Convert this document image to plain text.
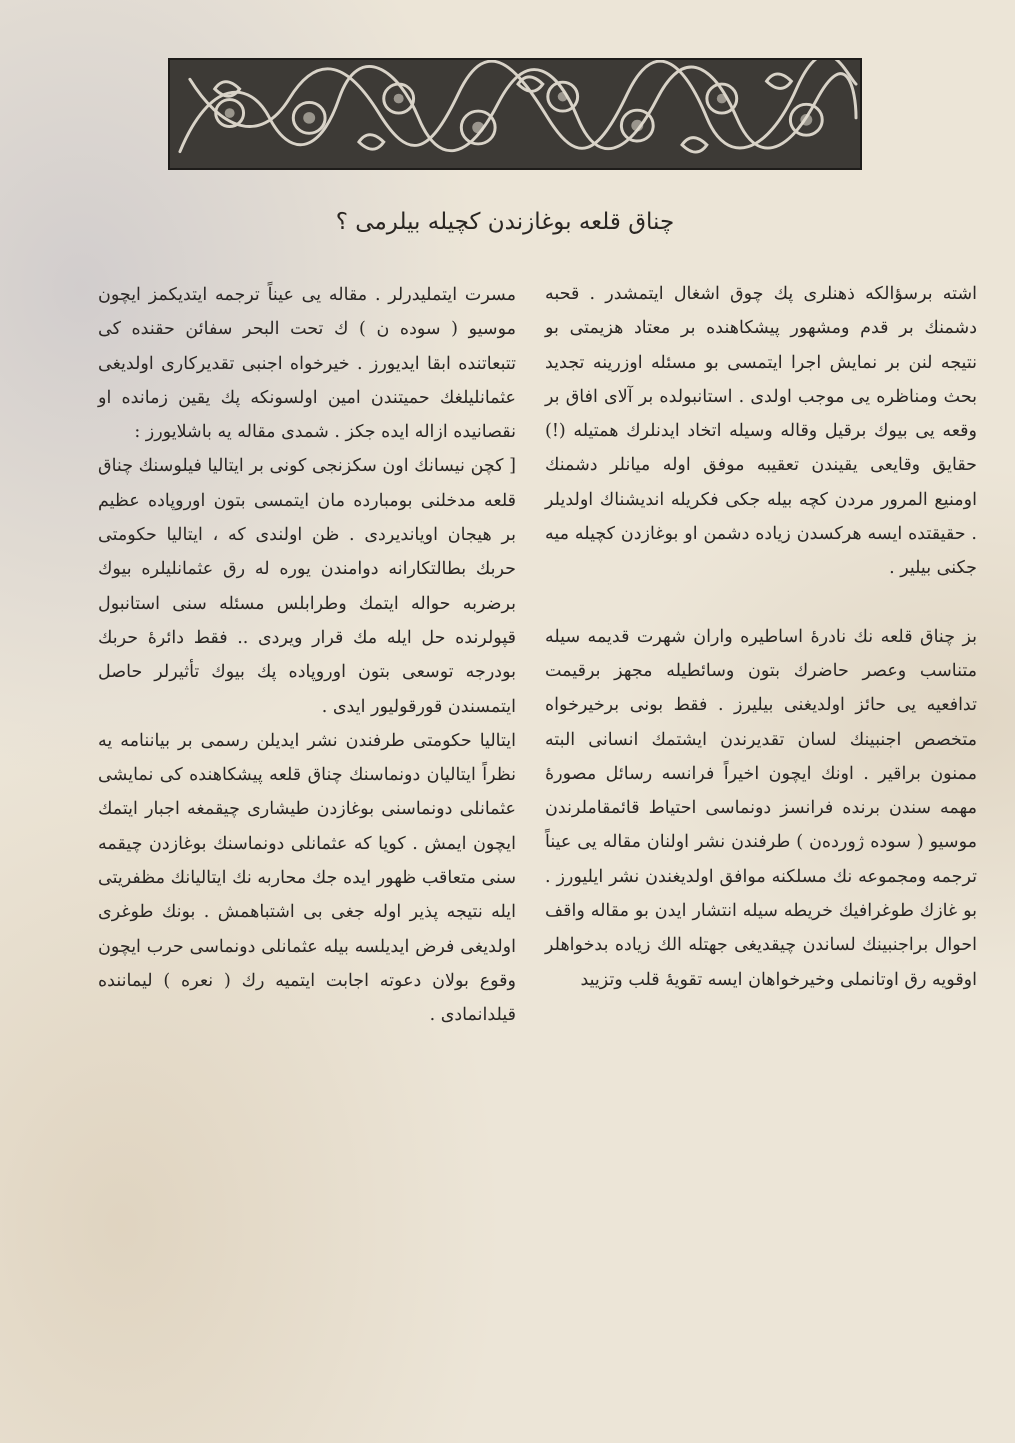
چناق قلعه بوغازندن كچيله بيلرمى ؟

اشته برسؤالكه ذهنلرى پك چوق اشغال ايتمشدر . قحبه دشمنك بر قدم ومشهور پيشكاهنده بر معتاد هزيمتى بو نتيجه لنن بر نمايش اجرا ايتمسى بو مسئله اوزرينه تجديد بحث ومناظره يى موجب اولدى . استانبولده بر آلای افاق بر وقعه يى بيوك برقيل وقاله وسيله اتخاد ايدنلرك همتيله (!) حقايق وقايعى يقيندن تعقيبه موفق اوله ميانلر دشمنك اومنيع المرور مردن كچه بيله جكى فكريله انديشناك اولديلر . حقيقتده ايسه هركسدن زياده دشمن او بوغازدن كچيله ميه جكنى بيلير .

بز چناق قلعه نك نادرۀ اساطيره واران شهرت قديمه سيله متناسب وعصر حاضرك بتون وسائطيله مجهز برقيمت تدافعيه يى حائز اولديغنى بيليرز . فقط بونى برخيرخواه متخصص اجنبينك لسان تقديرندن ايشتمك انسانى البته ممنون براقير . اونك ايچون اخيراً فرانسه رسائل مصورۀ مهمه سندن برنده فرانسز دونماسى احتياط قائمقاملرندن موسيو ( سوده ژوردەن ) طرفندن نشر اولنان مقاله يى عيناً ترجمه ومجموعه نك مسلكنه موافق اولديغندن نشر ايليورز . بو غازك طوغرافيك خريطه سيله انتشار ايدن بو مقاله واقف احوال براجنبينك لساندن چيقديغى جهتله الك زياده بدخواهلر اوقويه رق اوتانملى وخيرخواهان ايسه تقويۀ قلب وتزييد

مسرت ايتمليدرلر . مقاله يى عيناً ترجمه ايتديكمز ايچون موسيو ( سوده ن ) ك تحت البحر سفائن حقنده كى تتبعاتنده ابقا ايديورز . خيرخواه اجنبى تقديركارى اولديغى عثمانليلغك حميتندن امين اولسونكه پك يقين زمانده او نقصانيده ازاله ايده جكز . شمدى مقاله يه باشلايورز :

[ كچن نيسانك اون سكزنجى كونى بر ايتاليا فيلوسنك چناق قلعه مدخلنى بومبارده مان ايتمسى بتون اوروپاده عظيم بر هيجان اويانديردى . ظن اولندى كه ، ايتاليا حكومتى حربك بطالتكارانه دوامندن يوره له رق عثمانليلره بيوك برضربه حواله ايتمك وطرابلس مسئله سنى استانبول قپولرنده حل ايله مك قرار ويردى .. فقط دائرۀ حربك بودرجه توسعى بتون اوروپاده پك بيوك تأثيرلر حاصل ايتمسندن قورقوليور ايدى .

ايتاليا حكومتى طرفندن نشر ايديلن رسمى بر بياننامه يه نظراً ايتاليان دونماسنك چناق قلعه پيشكاهنده كى نمايشى عثمانلى دونماسنى بوغازدن طيشارى چيقمغه اجبار ايتمك ايچون ايمش . كويا كه عثمانلى دونماسنك بوغازدن چيقمه سنى متعاقب ظهور ايده جك محاربه نك ايتاليانك مظفريتى ايله نتيجه پذير اوله جغى بى اشتباهمش . بونك طوغرى اولديغى فرض ايديلسه بيله عثمانلى دونماسى حرب ايچون وقوع بولان دعوته اجابت ايتميه رك ( نعره ) ليماننده قيلدانمادى .
